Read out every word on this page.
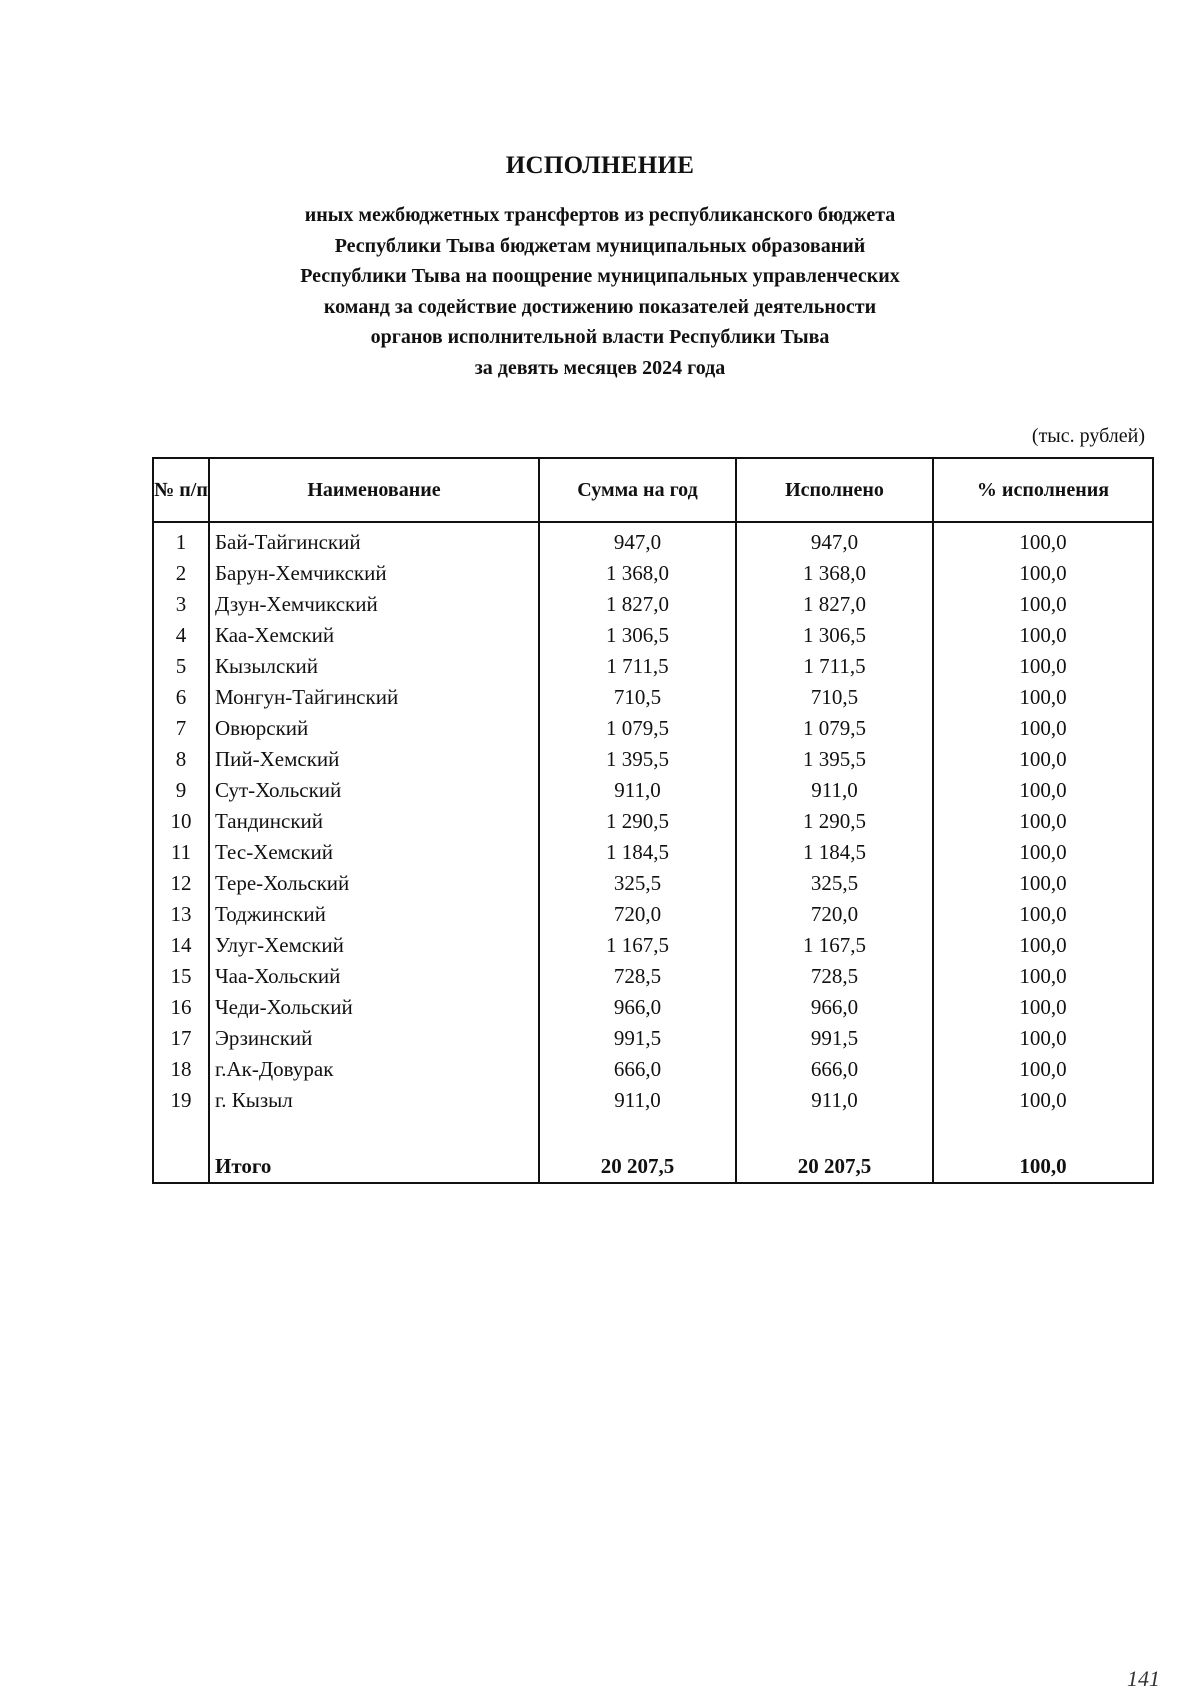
ИСПОЛНЕНИЕ
иных межбюджетных трансфертов из республиканского бюджета
Республики Тыва бюджетам муниципальных образований
Республики Тыва на поощрение муниципальных управленческих
команд за содействие достижению показателей деятельности
органов исполнительной власти Республики Тыва
за девять месяцев 2024 года
(тыс. рублей)
№ п/п	Наименование	Сумма на год	Исполнено	% исполнения
1	Бай-Тайгинский	947,0	947,0	100,0
2	Барун-Хемчикский	1 368,0	1 368,0	100,0
3	Дзун-Хемчикский	1 827,0	1 827,0	100,0
4	Каа-Хемский	1 306,5	1 306,5	100,0
5	Кызылский	1 711,5	1 711,5	100,0
6	Монгун-Тайгинский	710,5	710,5	100,0
7	Овюрский	1 079,5	1 079,5	100,0
8	Пий-Хемский	1 395,5	1 395,5	100,0
9	Сут-Хольский	911,0	911,0	100,0
10	Тандинский	1 290,5	1 290,5	100,0
11	Тес-Хемский	1 184,5	1 184,5	100,0
12	Тере-Хольский	325,5	325,5	100,0
13	Тоджинский	720,0	720,0	100,0
14	Улуг-Хемский	1 167,5	1 167,5	100,0
15	Чаа-Хольский	728,5	728,5	100,0
16	Чеди-Хольский	966,0	966,0	100,0
17	Эрзинский	991,5	991,5	100,0
18	г.Ак-Довурак	666,0	666,0	100,0
19	г. Кызыл	911,0	911,0	100,0

	Итого	20 207,5	20 207,5	100,0
141
